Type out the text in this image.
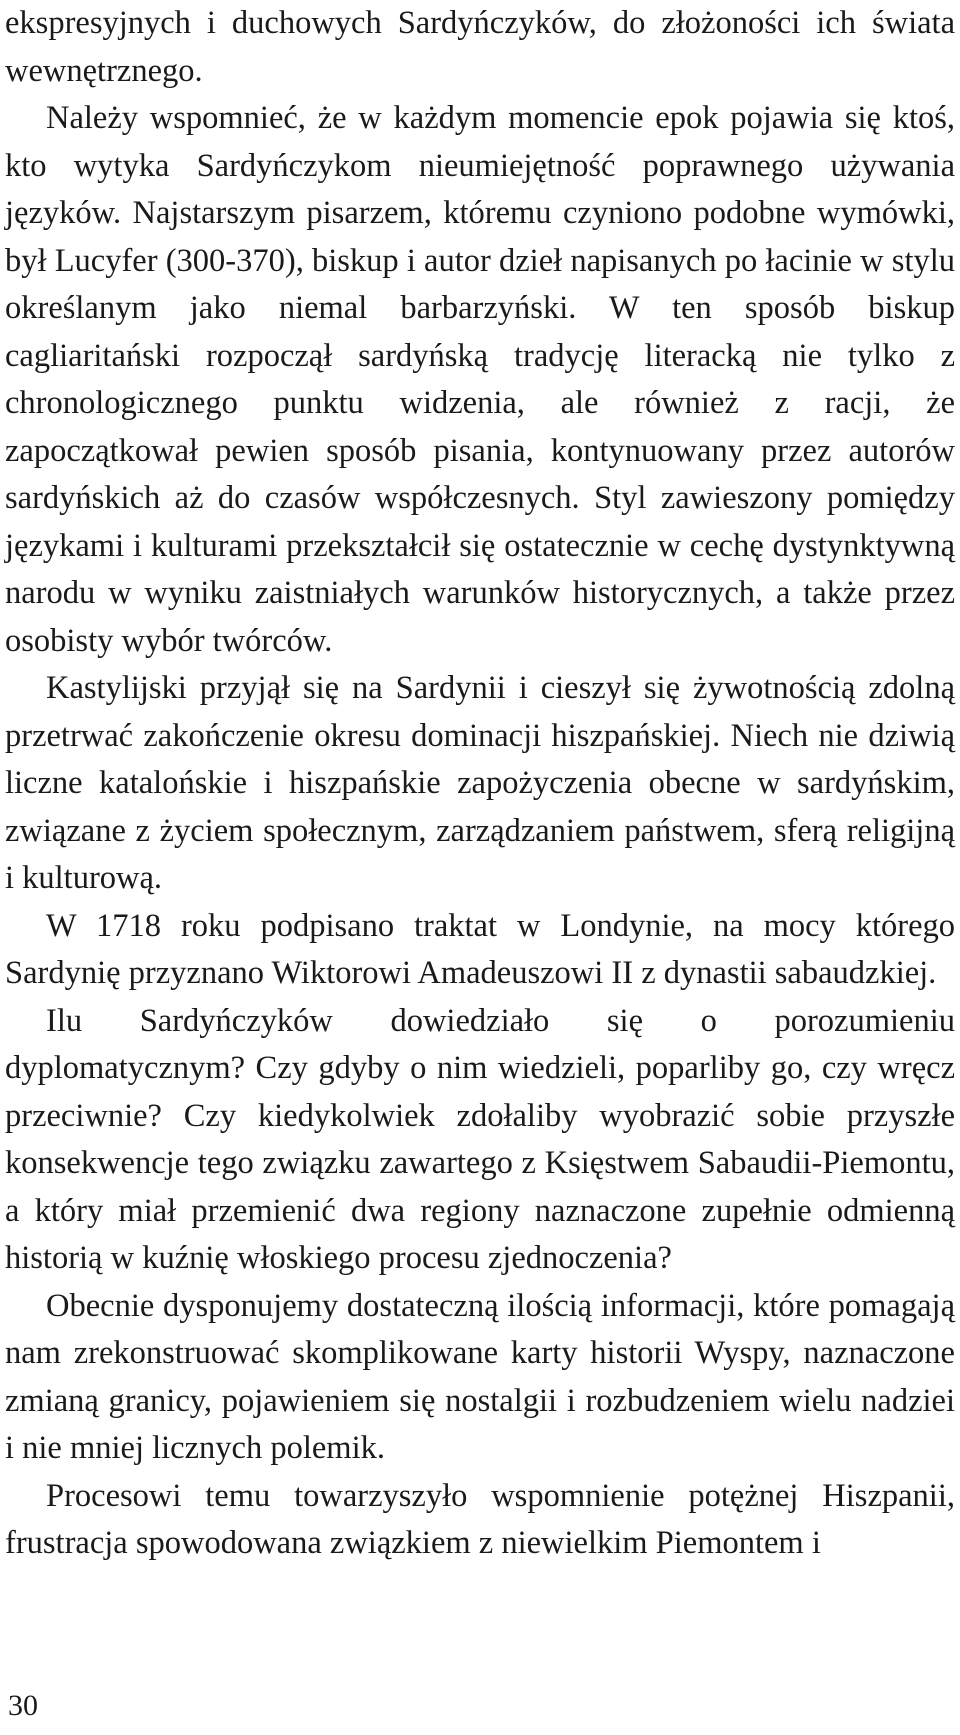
ekspresyjnych i duchowych Sardyńczyków, do złożoności ich świata wewnętrznego.

Należy wspomnieć, że w każdym momencie epok pojawia się ktoś, kto wytyka Sardyńczykom nieumiejętność poprawnego używania języków. Najstarszym pisarzem, któremu czyniono podobne wymówki, był Lucyfer (300-370), biskup i autor dzieł napisanych po łacinie w stylu określanym jako niemal barbarzyński. W ten sposób biskup cagliaritański rozpoczął sardyńską tradycję literacką nie tylko z chronologicznego punktu widzenia, ale również z racji, że zapoczątkował pewien sposób pisania, kontynuowany przez autorów sardyńskich aż do czasów współczesnych. Styl zawieszony pomiędzy językami i kulturami przekształcił się ostatecznie w cechę dystynktywną narodu w wyniku zaistniałych warunków historycznych, a także przez osobisty wybór twórców.

Kastylijski przyjął się na Sardynii i cieszył się żywotnością zdolną przetrwać zakończenie okresu dominacji hiszpańskiej. Niech nie dziwią liczne katalońskie i hiszpańskie zapożyczenia obecne w sardyńskim, związane z życiem społecznym, zarządzaniem państwem, sferą religijną i kulturową.

W 1718 roku podpisano traktat w Londynie, na mocy którego Sardynię przyznano Wiktorowi Amadeuszowi II z dynastii sabaudzkiej.

Ilu Sardyńczyków dowiedziało się o porozumieniu dyplomatycznym? Czy gdyby o nim wiedzieli, poparliby go, czy wręcz przeciwnie? Czy kiedykolwiek zdołaliby wyobrazić sobie przyszłe konsekwencje tego związku zawartego z Księstwem Sabaudii-Piemontu, a który miał przemienić dwa regiony naznaczone zupełnie odmienną historią w kuźnię włoskiego procesu zjednoczenia?

Obecnie dysponujemy dostateczną ilością informacji, które pomagają nam zrekonstruować skomplikowane karty historii Wyspy, naznaczone zmianą granicy, pojawieniem się nostalgii i rozbudzeniem wielu nadziei i nie mniej licznych polemik.

Procesowi temu towarzyszyło wspomnienie potężnej Hiszpanii, frustracja spowodowana związkiem z niewielkim Piemontem i

30
